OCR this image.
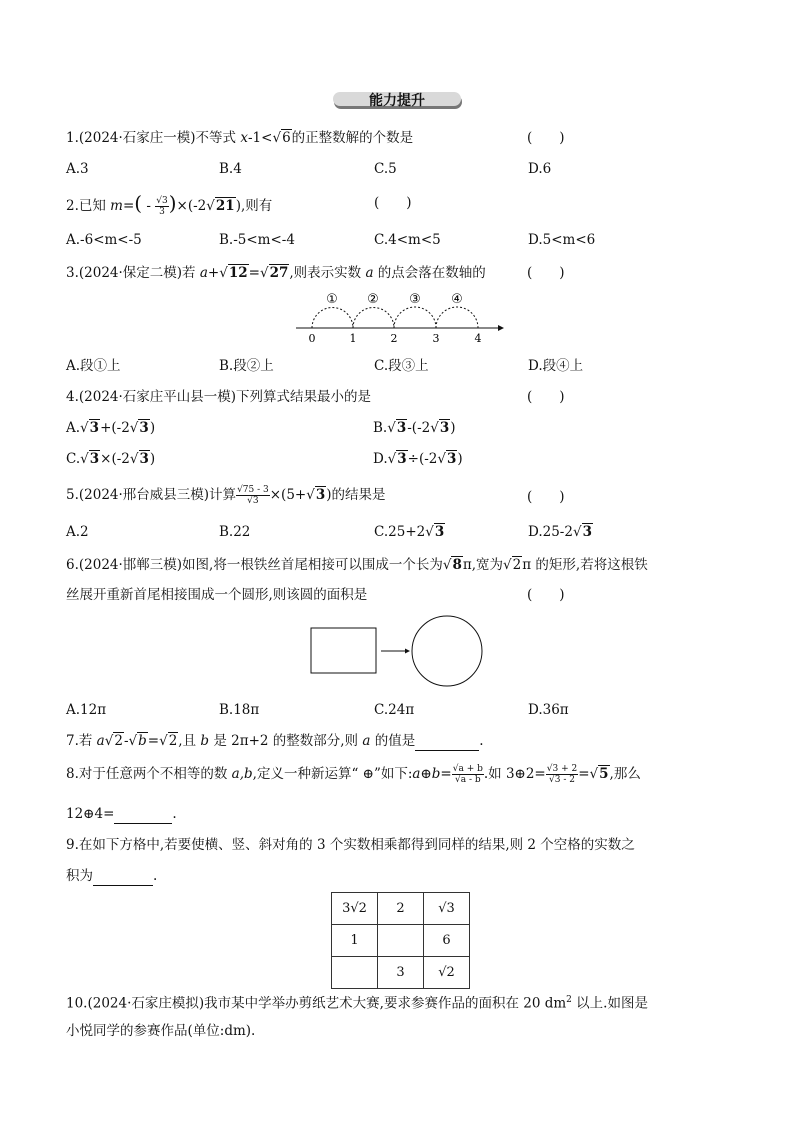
能力提升
1.(2024·石家庄一模)不等式 x-1<√6的正整数解的个数是	(　　)
A.3	B.4	C.5	D.6
2.已知 $m=( - \frac{√3}{3} )\times(-2√21)$,则有	(　　)
A.-6<m<-5	B.-5<m<-4	C.4<m<5	D.5<m<6
3.(2024·保定二模)若 a+√12=√27,则表示实数 a 的点会落在数轴的	(　　)
① ② ③ ④
0	1	2	3	4
A.段①上	B.段②上	C.段③上	D.段④上
4.(2024·石家庄平山县一模)下列算式结果最小的是	(　　)
A.√3+(-2√3)	B.√3-(-2√3)
C.√3×(-2√3)	D.√3÷(-2√3)
5.(2024·邢台威县三模)计算 $\frac{√75 - 3}{√3} \times(5+√3)$的结果是	(　　)
A.2	B.22	C.25+2√3	D.25-2√3
6.(2024·邯郸三模)如图,将一根铁丝首尾相接可以围成一个长为√8π,宽为√2π 的矩形,若将这根铁
丝展开重新首尾相接围成一个圆形,则该圆的面积是	(　　)
A.12π	B.18π	C.24π	D.36π
7.若 a√2-√b=√2,且 b 是 2π+2 的整数部分,则 a 的值是	.
8.对于任意两个不相等的数 a,b,定义一种新运算“ ⊕”如下:a⊕b= $\frac{√a + b}{√a - b}$ .如 3⊕2= $\frac{√3 + 2}{√3 - 2} =√5$,那么
12⊕4=	.
9.在如下方格中,若要使横、竖、斜对角的 3 个实数相乘都得到同样的结果,则 2 个空格的实数之
积为	.
3√2	2	√3
1		6
	3	√2
10.(2024·石家庄模拟)我市某中学举办剪纸艺术大赛,要求参赛作品的面积在 20 $dm^2$ 以上.如图是
小悦同学的参赛作品(单位:dm).
